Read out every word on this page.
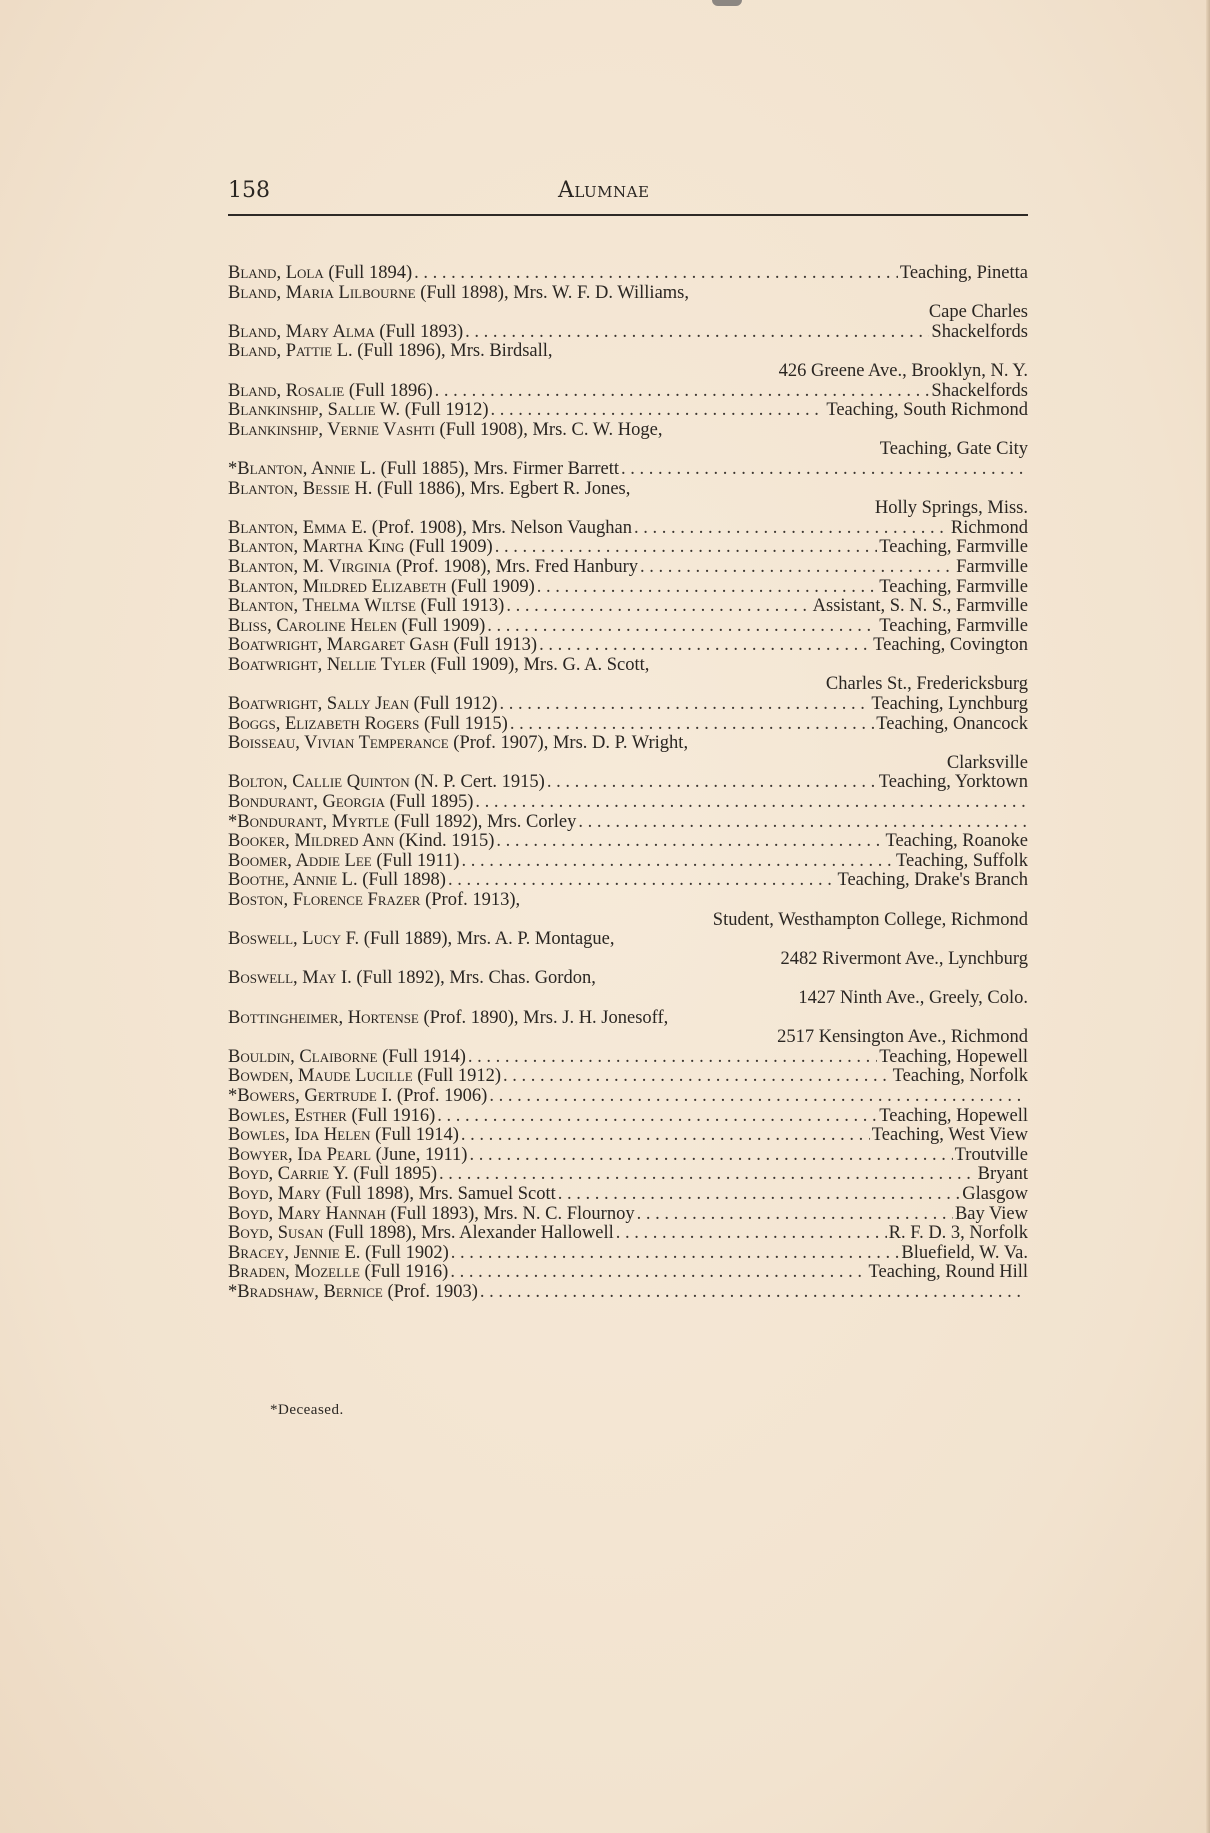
158	Alumnae
Bland, Lola (Full 1894) . . .	Teaching, Pinetta
Bland, Maria Lilbourne (Full 1898), Mrs. W. F. D. Williams,
Cape Charles
Bland, Mary Alma (Full 1893) . . .	Shackelfords
Bland, Pattie L. (Full 1896), Mrs. Birdsall,
426 Greene Ave., Brooklyn, N. Y.
Bland, Rosalie (Full 1896) . . .	Shackelfords
Blankinship, Sallie W. (Full 1912) . . .	Teaching, South Richmond
Blankinship, Vernie Vashti (Full 1908), Mrs. C. W. Hoge,
Teaching, Gate City
*Blanton, Annie L. (Full 1885), Mrs. Firmer Barrett
. . .
Blanton, Bessie H. (Full 1886), Mrs. Egbert R. Jones,
Holly Springs, Miss.
Blanton, Emma E. (Prof. 1908), Mrs. Nelson Vaughan . . .	Richmond
Blanton, Martha King (Full 1909) . . .	Teaching, Farmville
Blanton, M. Virginia (Prof. 1908), Mrs. Fred Hanbury . . .	Farmville
Blanton, Mildred Elizabeth (Full 1909) . . .	Teaching, Farmville
Blanton, Thelma Wiltse (Full 1913) . . .	Assistant, S. N. S., Farmville
Bliss, Caroline Helen (Full 1909) . . .	Teaching, Farmville
Boatwright, Margaret Gash (Full 1913) . . .	Teaching, Covington
Boatwright, Nellie Tyler (Full 1909), Mrs. G. A. Scott,
Charles St., Fredericksburg
Boatwright, Sally Jean (Full 1912) . . .	Teaching, Lynchburg
Boggs, Elizabeth Rogers (Full 1915) . . .	Teaching, Onancock
Boisseau, Vivian Temperance (Prof. 1907), Mrs. D. P. Wright,
Clarksville
Bolton, Callie Quinton (N. P. Cert. 1915) . . .	Teaching, Yorktown
Bondurant, Georgia (Full 1895)
. . .
*Bondurant, Myrtle (Full 1892), Mrs. Corley
. . .
Booker, Mildred Ann (Kind. 1915) . . .	Teaching, Roanoke
Boomer, Addie Lee (Full 1911) . . .	Teaching, Suffolk
Boothe, Annie L. (Full 1898) . . .	Teaching, Drake's Branch
Boston, Florence Frazer (Prof. 1913),
Student, Westhampton College, Richmond
Boswell, Lucy F. (Full 1889), Mrs. A. P. Montague,
2482 Rivermont Ave., Lynchburg
Boswell, May I. (Full 1892), Mrs. Chas. Gordon,
1427 Ninth Ave., Greely, Colo.
Bottingheimer, Hortense (Prof. 1890), Mrs. J. H. Jonesoff,
2517 Kensington Ave., Richmond
Bouldin, Claiborne (Full 1914) . . .	Teaching, Hopewell
Bowden, Maude Lucille (Full 1912) . . .	Teaching, Norfolk
*Bowers, Gertrude I. (Prof. 1906)
. . .
Bowles, Esther (Full 1916) . . .	Teaching, Hopewell
Bowles, Ida Helen (Full 1914) . . .	Teaching, West View
Bowyer, Ida Pearl (June, 1911) . . .	Troutville
Boyd, Carrie Y. (Full 1895) . . .	Bryant
Boyd, Mary (Full 1898), Mrs. Samuel Scott . . .	Glasgow
Boyd, Mary Hannah (Full 1893), Mrs. N. C. Flournoy . . .	Bay View
Boyd, Susan (Full 1898), Mrs. Alexander Hallowell . . .	R. F. D. 3, Norfolk
Bracey, Jennie E. (Full 1902) . . .	Bluefield, W. Va.
Braden, Mozelle (Full 1916) . . .	Teaching, Round Hill
*Bradshaw, Bernice (Prof. 1903)
. . .
*Deceased.
